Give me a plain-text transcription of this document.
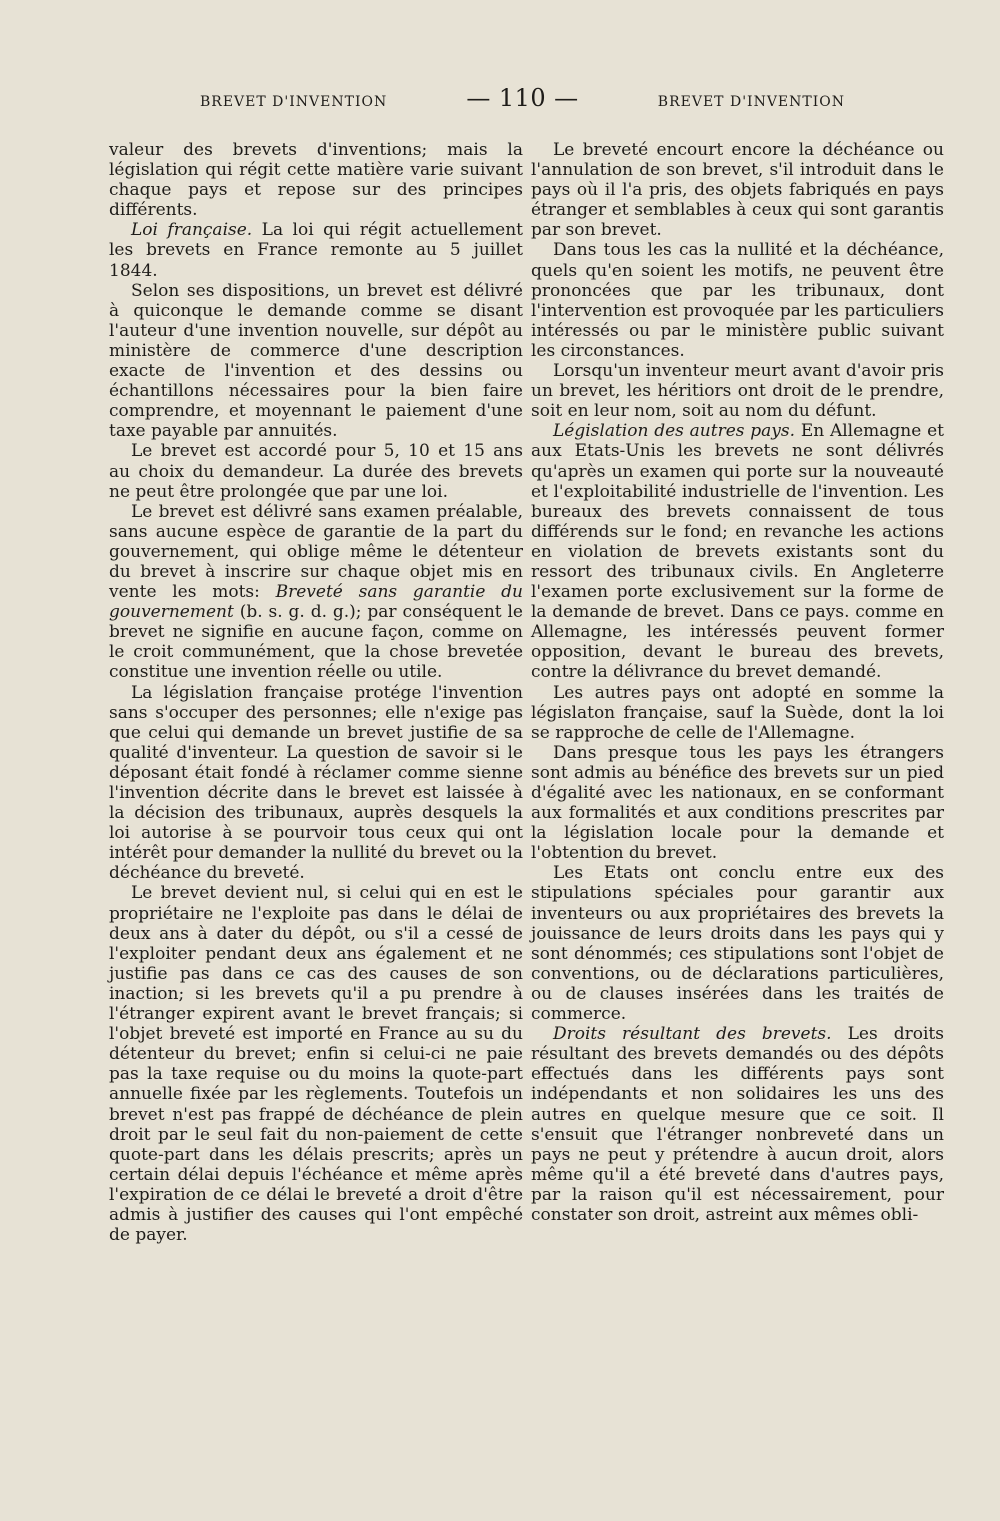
BREVET D'INVENTION	— 110 —	BREVET D'INVENTION

valeur des brevets d'inventions; mais la législation qui régit cette matière varie suivant chaque pays et repose sur des principes différents.

Loi française. La loi qui régit actuellement les brevets en France remonte au 5 juillet 1844.

Selon ses dispositions, un brevet est délivré à quiconque le demande comme se disant l'auteur d'une invention nouvelle, sur dépôt au ministère de commerce d'une description exacte de l'invention et des dessins ou échantillons nécessaires pour la bien faire comprendre, et moyennant le paiement d'une taxe payable par annuités.

Le brevet est accordé pour 5, 10 et 15 ans au choix du demandeur. La durée des brevets ne peut être prolongée que par une loi.

Le brevet est délivré sans examen préalable, sans aucune espèce de garantie de la part du gouvernement, qui oblige même le détenteur du brevet à inscrire sur chaque objet mis en vente les mots: Breveté sans garantie du gouvernement (b. s. g. d. g.); par conséquent le brevet ne signifie en aucune façon, comme on le croit communément, que la chose brevetée constitue une invention réelle ou utile.

La législation française protége l'invention sans s'occuper des personnes; elle n'exige pas que celui qui demande un brevet justifie de sa qualité d'inventeur. La question de savoir si le déposant était fondé à réclamer comme sienne l'invention décrite dans le brevet est laissée à la décision des tribunaux, auprès desquels la loi autorise à se pourvoir tous ceux qui ont intérêt pour demander la nullité du brevet ou la déchéance du breveté.

Le brevet devient nul, si celui qui en est le propriétaire ne l'exploite pas dans le délai de deux ans à dater du dépôt, ou s'il a cessé de l'exploiter pendant deux ans également et ne justifie pas dans ce cas des causes de son inaction; si les brevets qu'il a pu prendre à l'étranger expirent avant le brevet français; si l'objet breveté est importé en France au su du détenteur du brevet; enfin si celui-ci ne paie pas la taxe requise ou du moins la quote-part annuelle fixée par les règlements. Toutefois un brevet n'est pas frappé de déchéance de plein droit par le seul fait du non-paiement de cette quote-part dans les délais prescrits; après un certain délai depuis l'échéance et même après l'expiration de ce délai le breveté a droit d'être admis à justifier des causes qui l'ont empêché de payer.

Le breveté encourt encore la déchéance ou l'annulation de son brevet, s'il introduit dans le pays où il l'a pris, des objets fabriqués en pays étranger et semblables à ceux qui sont garantis par son brevet.

Dans tous les cas la nullité et la déchéance, quels qu'en soient les motifs, ne peuvent être prononcées que par les tribunaux, dont l'intervention est provoquée par les particuliers intéressés ou par le ministère public suivant les circonstances.

Lorsqu'un inventeur meurt avant d'avoir pris un brevet, les héritiors ont droit de le prendre, soit en leur nom, soit au nom du défunt.

Législation des autres pays. En Allemagne et aux Etats-Unis les brevets ne sont délivrés qu'après un examen qui porte sur la nouveauté et l'exploitabilité industrielle de l'invention. Les bureaux des brevets connaissent de tous différends sur le fond; en revanche les actions en violation de brevets existants sont du ressort des tribunaux civils. En Angleterre l'examen porte exclusivement sur la forme de la demande de brevet. Dans ce pays. comme en Allemagne, les intéressés peuvent former opposition, devant le bureau des brevets, contre la délivrance du brevet demandé.

Les autres pays ont adopté en somme la législaton française, sauf la Suède, dont la loi se rapproche de celle de l'Allemagne.

Dans presque tous les pays les étrangers sont admis au bénéfice des brevets sur un pied d'égalité avec les nationaux, en se conformant aux formalités et aux conditions prescrites par la législation locale pour la demande et l'obtention du brevet.

Les Etats ont conclu entre eux des stipulations spéciales pour garantir aux inventeurs ou aux propriétaires des brevets la jouissance de leurs droits dans les pays qui y sont dénommés; ces stipulations sont l'objet de conventions, ou de déclarations particulières, ou de clauses insérées dans les traités de commerce.

Droits résultant des brevets. Les droits résultant des brevets demandés ou des dépôts effectués dans les différents pays sont indépendants et non solidaires les uns des autres en quelque mesure que ce soit. Il s'ensuit que l'étranger nonbreveté dans un pays ne peut y prétendre à aucun droit, alors même qu'il a été breveté dans d'autres pays, par la raison qu'il est nécessairement, pour constater son droit, astreint aux mêmes obli-
